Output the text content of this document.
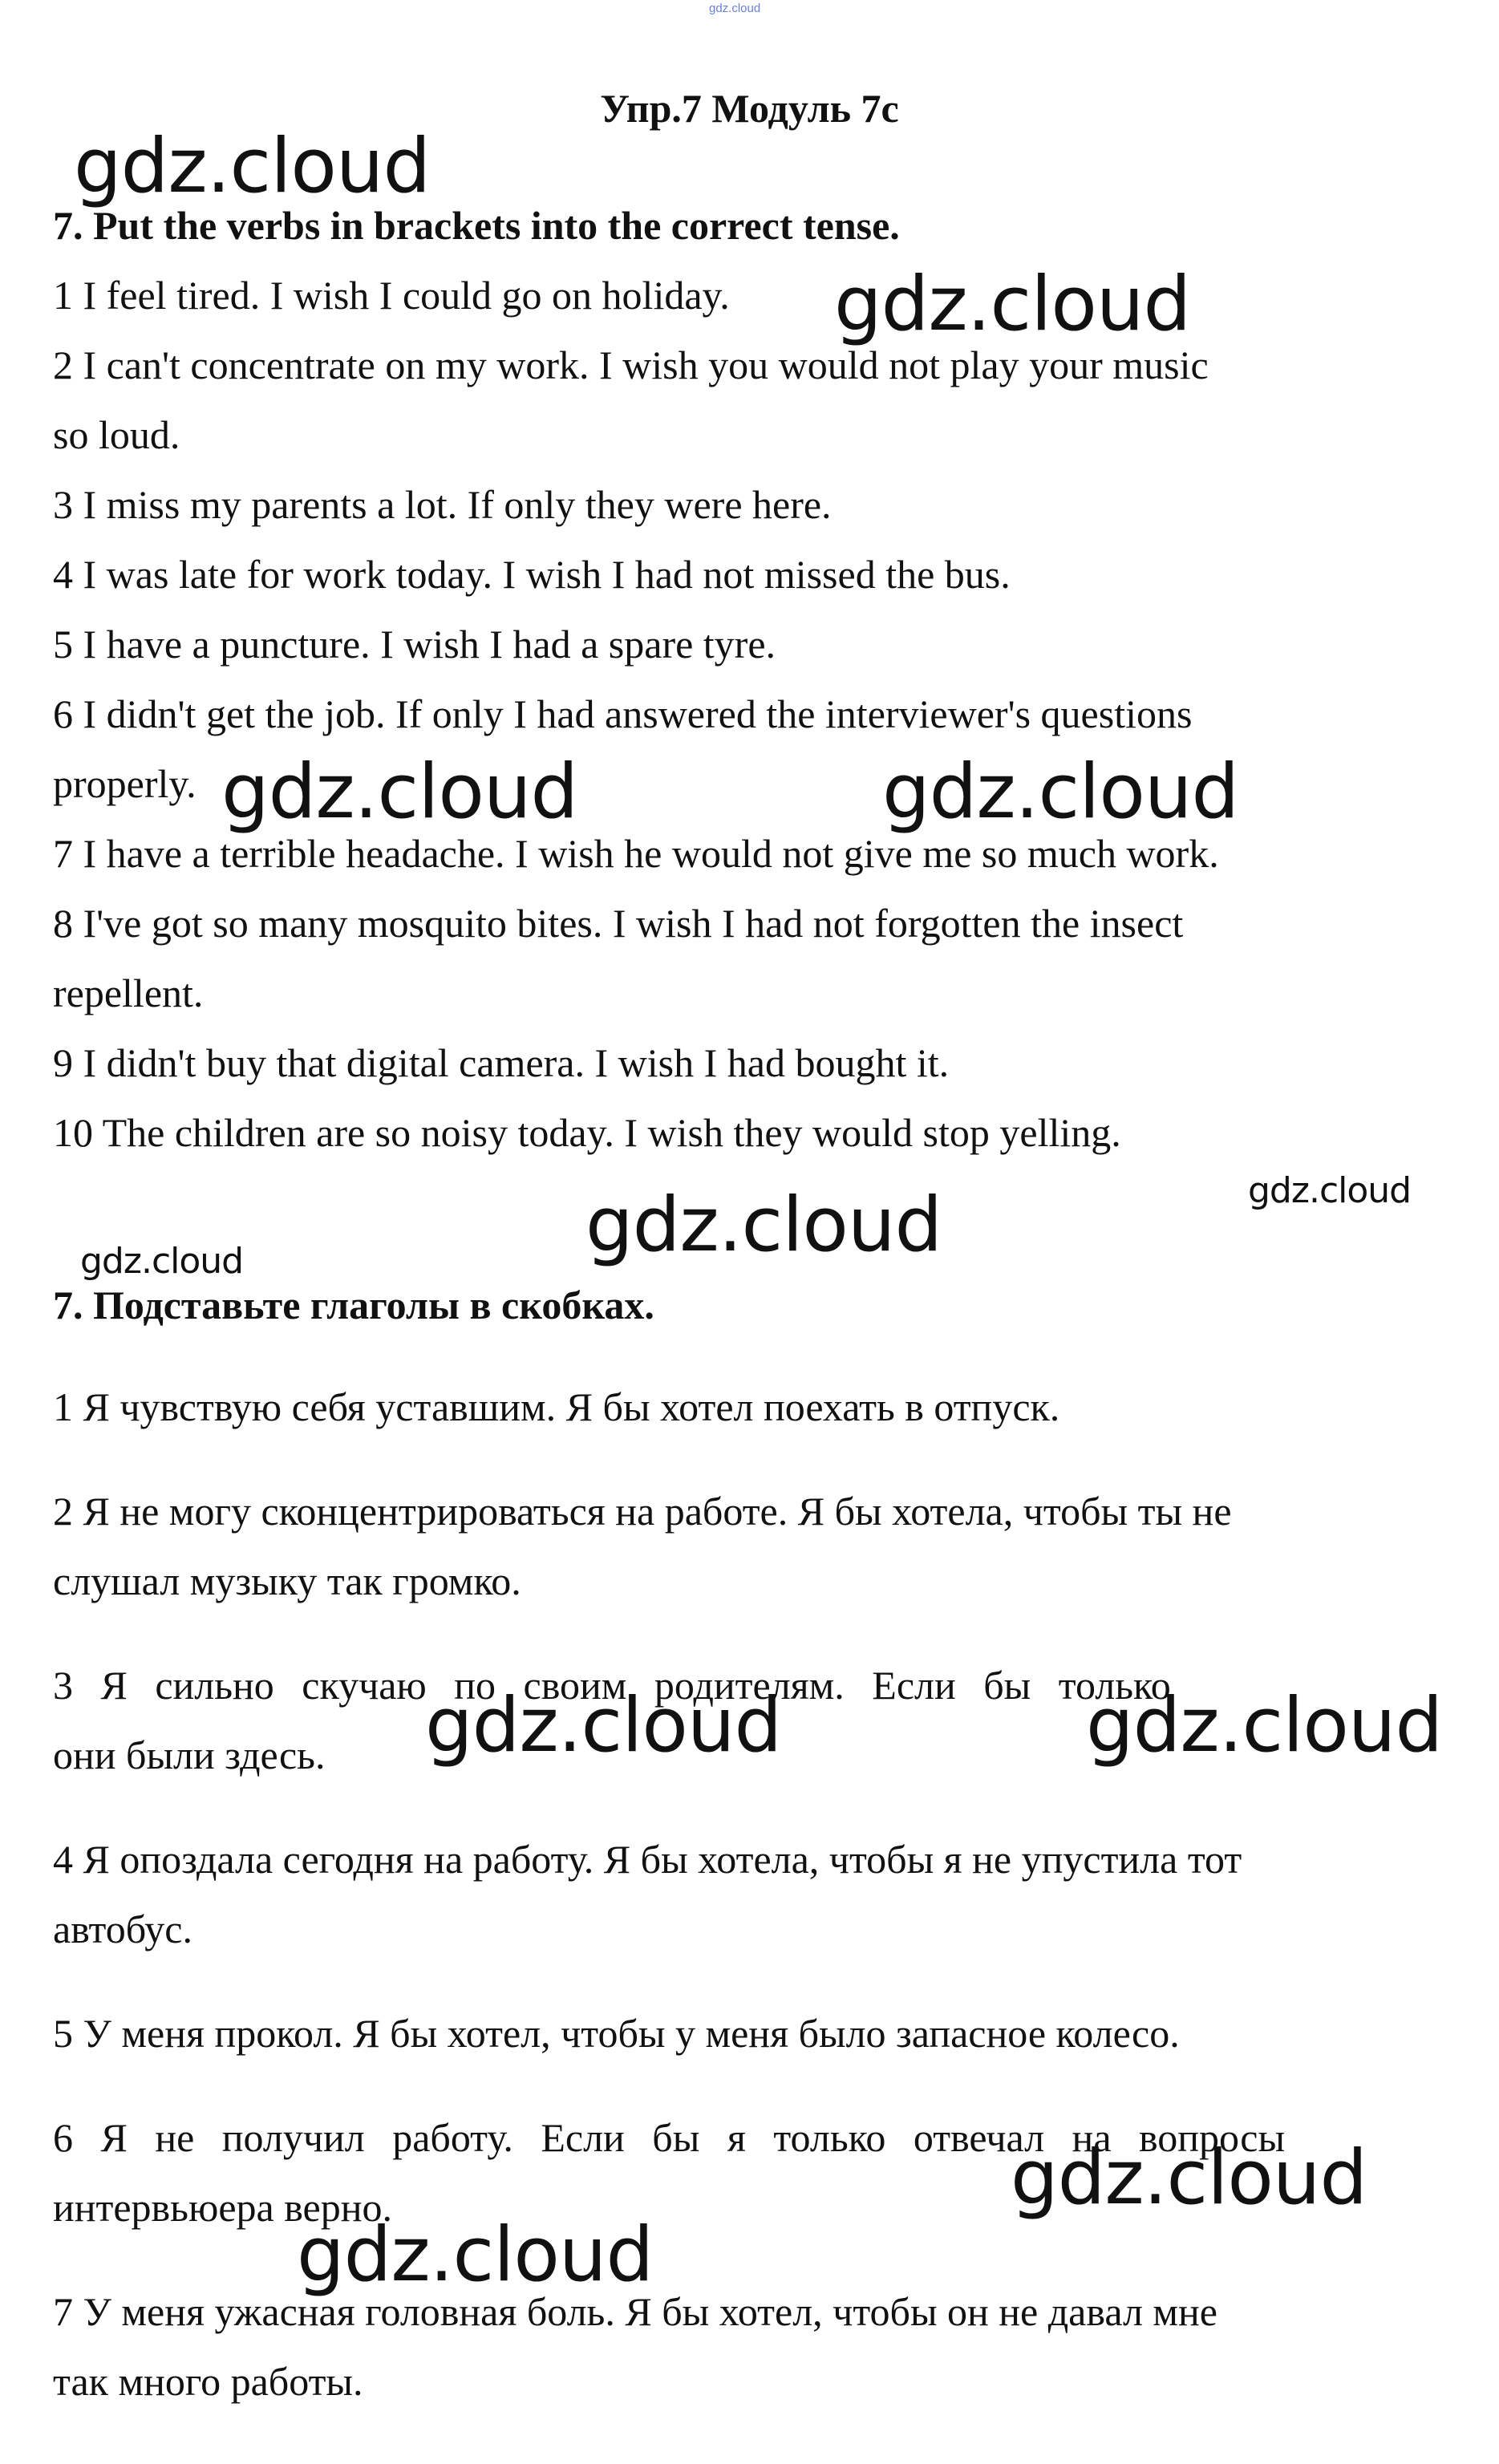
gdz.cloud
Упр.7 Модуль 7с
7. Put the verbs in brackets into the correct tense.
1 I feel tired. I wish I could go on holiday.
2 I can't concentrate on my work. I wish you would not play your music
so loud.
3 I miss my parents a lot. If only they were here.
4 I was late for work today. I wish I had not missed the bus.
5 I have a puncture. I wish I had a spare tyre.
6 I didn't get the job. If only I had answered the interviewer's questions
properly.
7 I have a terrible headache. I wish he would not give me so much work.
8 I've got so many mosquito bites. I wish I had not forgotten the insect
repellent.
9 I didn't buy that digital camera. I wish I had bought it.
10 The children are so noisy today. I wish they would stop yelling.
7. Подставьте глаголы в скобках.
1 Я чувствую себя уставшим. Я бы хотел поехать в отпуск.
2 Я не могу сконцентрироваться на работе. Я бы хотела, чтобы ты не
слушал музыку так громко.
3 Я сильно скучаю по своим родителям. Если бы только
они были здесь.
4 Я опоздала сегодня на работу. Я бы хотела, чтобы я не упустила тот
автобус.
5 У меня прокол. Я бы хотел, чтобы у меня было запасное колесо.
6 Я не получил работу. Если бы я только отвечал на вопросы
интервьюера верно.
7 У меня ужасная головная боль. Я бы хотел, чтобы он не давал мне
так много работы.
gdz.cloud
gdz.cloud
gdz.cloud	gdz.cloud
gdz.cloud	gdz.cloud
gdz.cloud
gdz.cloud	gdz.cloud
gdz.cloud
gdz.cloud
